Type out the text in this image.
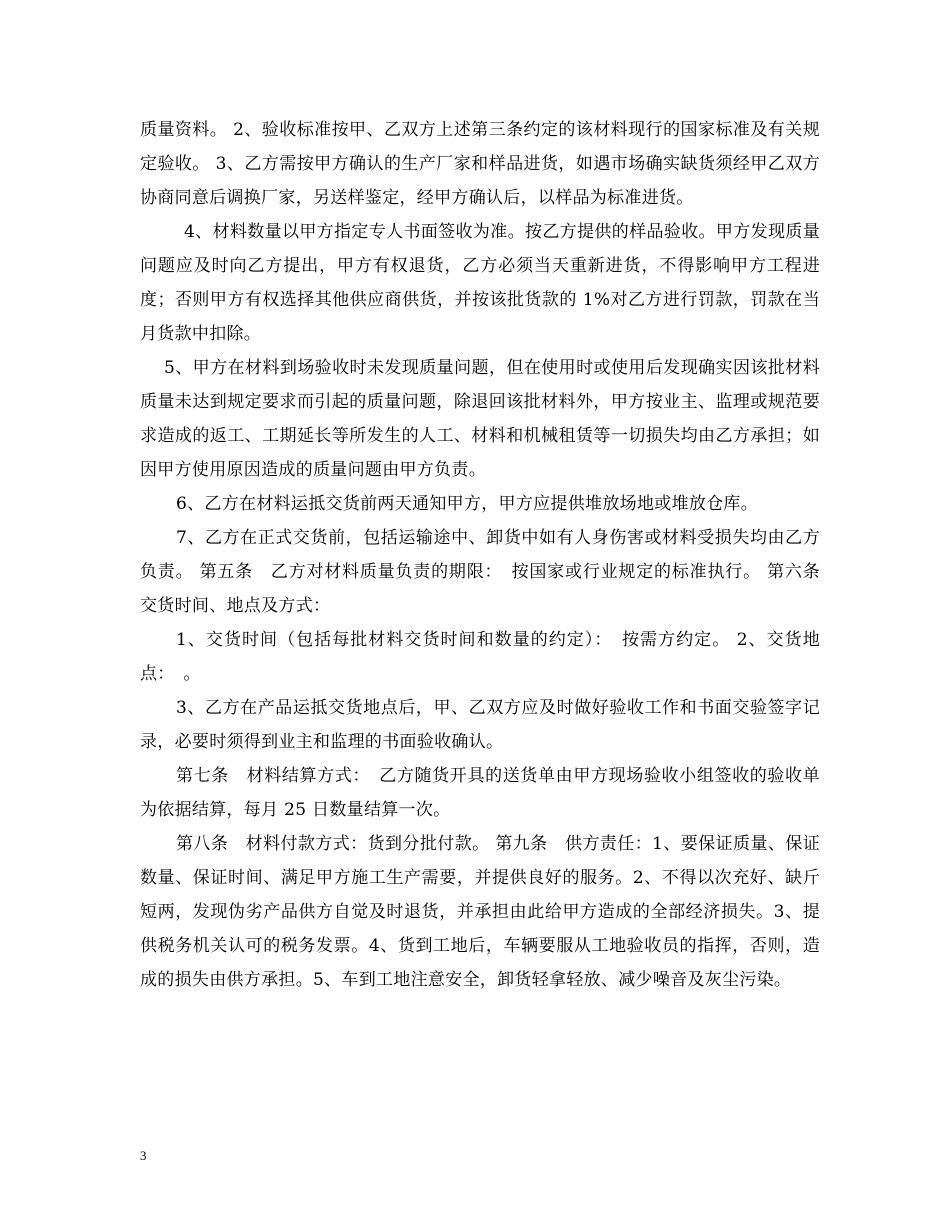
质量资料。 2、验收标准按甲、乙双方上述第三条约定的该材料现行的国家标准及有关规定验收。 3、乙方需按甲方确认的生产厂家和样品进货，如遇市场确实缺货须经甲乙双方协商同意后调换厂家，另送样鉴定，经甲方确认后，以样品为标准进货。

4、材料数量以甲方指定专人书面签收为准。按乙方提供的样品验收。甲方发现质量问题应及时向乙方提出，甲方有权退货，乙方必须当天重新进货，不得影响甲方工程进度；否则甲方有权选择其他供应商供货，并按该批货款的 1%对乙方进行罚款，罚款在当月货款中扣除。

5、甲方在材料到场验收时未发现质量问题，但在使用时或使用后发现确实因该批材料质量未达到规定要求而引起的质量问题，除退回该批材料外，甲方按业主、监理或规范要求造成的返工、工期延长等所发生的人工、材料和机械租赁等一切损失均由乙方承担；如因甲方使用原因造成的质量问题由甲方负责。

6、乙方在材料运抵交货前两天通知甲方，甲方应提供堆放场地或堆放仓库。

7、乙方在正式交货前，包括运输途中、卸货中如有人身伤害或材料受损失均由乙方负责。 第五条　乙方对材料质量负责的期限：　按国家或行业规定的标准执行。 第六条　交货时间、地点及方式：

1、交货时间（包括每批材料交货时间和数量的约定）：　按需方约定。 2、交货地点：　。

3、乙方在产品运抵交货地点后，甲、乙双方应及时做好验收工作和书面交验签字记录，必要时须得到业主和监理的书面验收确认。

第七条　材料结算方式：　乙方随货开具的送货单由甲方现场验收小组签收的验收单为依据结算，每月 25 日数量结算一次。

第八条　材料付款方式：货到分批付款。 第九条　供方责任：1、要保证质量、保证数量、保证时间、满足甲方施工生产需要，并提供良好的服务。2、不得以次充好、缺斤短两，发现伪劣产品供方自觉及时退货，并承担由此给甲方造成的全部经济损失。3、提供税务机关认可的税务发票。4、货到工地后，车辆要服从工地验收员的指挥，否则，造成的损失由供方承担。5、车到工地注意安全，卸货轻拿轻放、减少噪音及灰尘污染。

3
